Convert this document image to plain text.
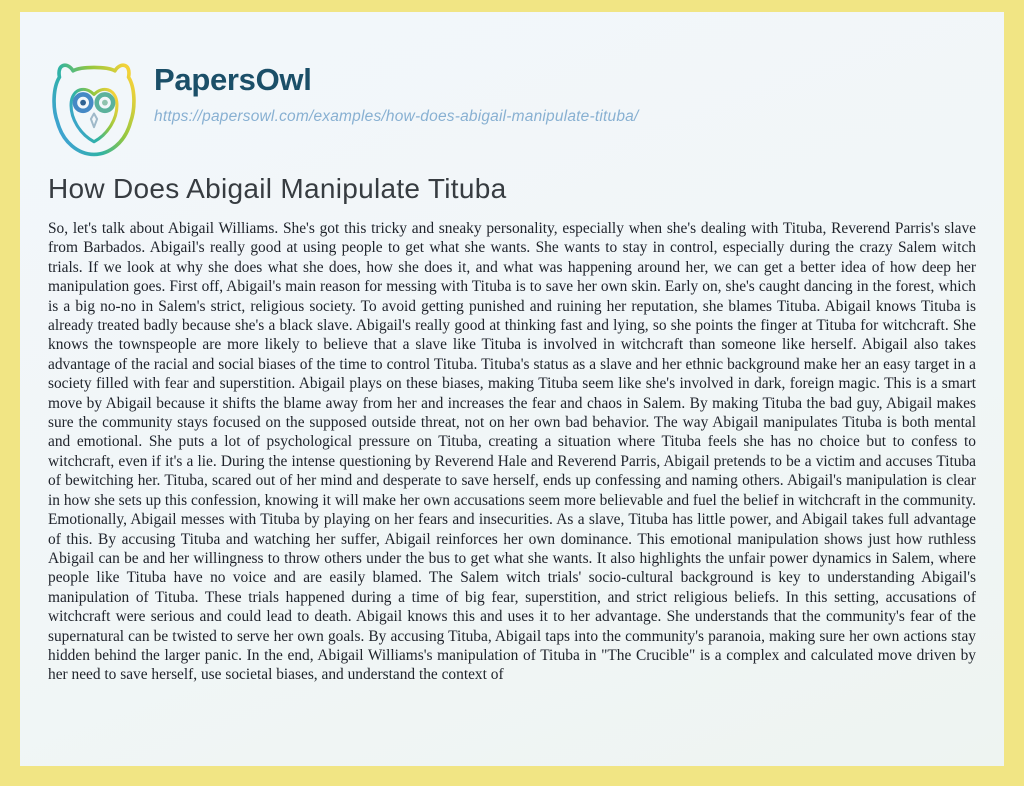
PapersOwl
https://papersowl.com/examples/how-does-abigail-manipulate-tituba/
How Does Abigail Manipulate Tituba

So, let's talk about Abigail Williams. She's got this tricky and sneaky personality, especially when she's dealing with Tituba, Reverend Parris's slave from Barbados. Abigail's really good at using people to get what she wants. She wants to stay in control, especially during the crazy Salem witch trials. If we look at why she does what she does, how she does it, and what was happening around her, we can get a better idea of how deep her manipulation goes. First off, Abigail's main reason for messing with Tituba is to save her own skin. Early on, she's caught dancing in the forest, which is a big no-no in Salem's strict, religious society. To avoid getting punished and ruining her reputation, she blames Tituba. Abigail knows Tituba is already treated badly because she's a black slave. Abigail's really good at thinking fast and lying, so she points the finger at Tituba for witchcraft. She knows the townspeople are more likely to believe that a slave like Tituba is involved in witchcraft than someone like herself. Abigail also takes advantage of the racial and social biases of the time to control Tituba. Tituba's status as a slave and her ethnic background make her an easy target in a society filled with fear and superstition. Abigail plays on these biases, making Tituba seem like she's involved in dark, foreign magic. This is a smart move by Abigail because it shifts the blame away from her and increases the fear and chaos in Salem. By making Tituba the bad guy, Abigail makes sure the community stays focused on the supposed outside threat, not on her own bad behavior. The way Abigail manipulates Tituba is both mental and emotional. She puts a lot of psychological pressure on Tituba, creating a situation where Tituba feels she has no choice but to confess to witchcraft, even if it's a lie. During the intense questioning by Reverend Hale and Reverend Parris, Abigail pretends to be a victim and accuses Tituba of bewitching her. Tituba, scared out of her mind and desperate to save herself, ends up confessing and naming others. Abigail's manipulation is clear in how she sets up this confession, knowing it will make her own accusations seem more believable and fuel the belief in witchcraft in the community. Emotionally, Abigail messes with Tituba by playing on her fears and insecurities. As a slave, Tituba has little power, and Abigail takes full advantage of this. By accusing Tituba and watching her suffer, Abigail reinforces her own dominance. This emotional manipulation shows just how ruthless Abigail can be and her willingness to throw others under the bus to get what she wants. It also highlights the unfair power dynamics in Salem, where people like Tituba have no voice and are easily blamed. The Salem witch trials' socio-cultural background is key to understanding Abigail's manipulation of Tituba. These trials happened during a time of big fear, superstition, and strict religious beliefs. In this setting, accusations of witchcraft were serious and could lead to death. Abigail knows this and uses it to her advantage. She understands that the community's fear of the supernatural can be twisted to serve her own goals. By accusing Tituba, Abigail taps into the community's paranoia, making sure her own actions stay hidden behind the larger panic. In the end, Abigail Williams's manipulation of Tituba in "The Crucible" is a complex and calculated move driven by her need to save herself, use societal biases, and understand the context of
